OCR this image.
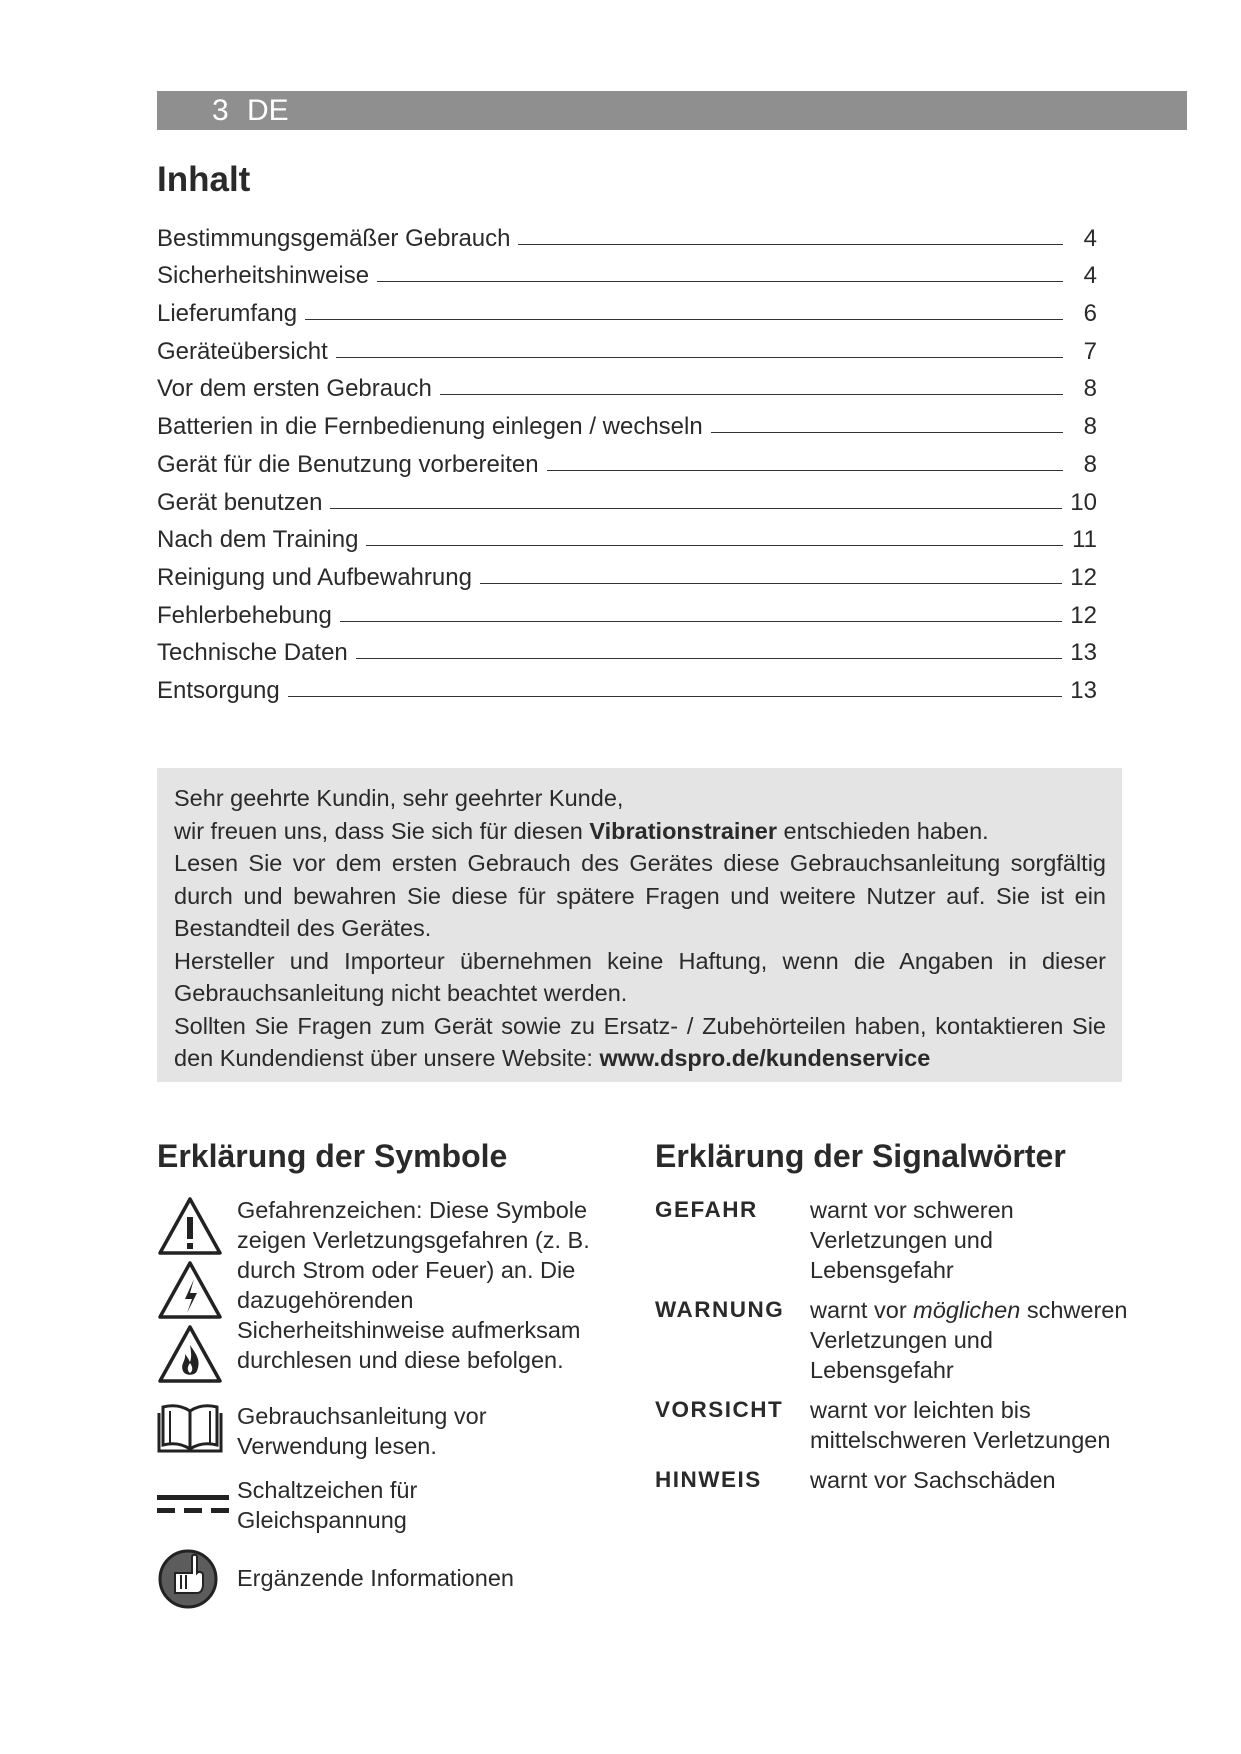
3 DE
Inhalt
Bestimmungsgemäßer Gebrauch	4
Sicherheitshinweise	4
Lieferumfang	6
Geräteübersicht	7
Vor dem ersten Gebrauch	8
Batterien in die Fernbedienung einlegen / wechseln	8
Gerät für die Benutzung vorbereiten	8
Gerät benutzen	10
Nach dem Training	11
Reinigung und Aufbewahrung	12
Fehlerbehebung	12
Technische Daten	13
Entsorgung	13

Sehr geehrte Kundin, sehr geehrter Kunde,

wir freuen uns, dass Sie sich für diesen Vibrationstrainer entschieden haben.

Lesen Sie vor dem ersten Gebrauch des Gerätes diese Gebrauchsanleitung sorgfältig durch und bewahren Sie diese für spätere Fragen und weitere Nutzer auf. Sie ist ein Bestandteil des Gerätes.

Hersteller und Importeur übernehmen keine Haftung, wenn die Angaben in dieser Gebrauchsanleitung nicht beachtet werden.

Sollten Sie Fragen zum Gerät sowie zu Ersatz- / Zubehörteilen haben, kontaktieren Sie den Kundendienst über unsere Website: www.dspro.de/kundenservice

Erklärung der Symbole	Erklärung der Signalwörter
Gefahrenzeichen: Diese Symbole zeigen Verletzungsgefahren (z. B. durch Strom oder Feuer) an. Die dazugehörenden Sicherheitshinweise aufmerksam durchlesen und diese befolgen.
Gebrauchsanleitung vor Verwendung lesen.
Schaltzeichen für Gleichspannung
Ergänzende Informationen
GEFAHR	warnt vor schweren Verletzungen und Lebensgefahr
WARNUNG	warnt vor möglichen schweren Verletzungen und Lebensgefahr
VORSICHT	warnt vor leichten bis mittelschweren Verletzungen
HINWEIS	warnt vor Sachschäden
